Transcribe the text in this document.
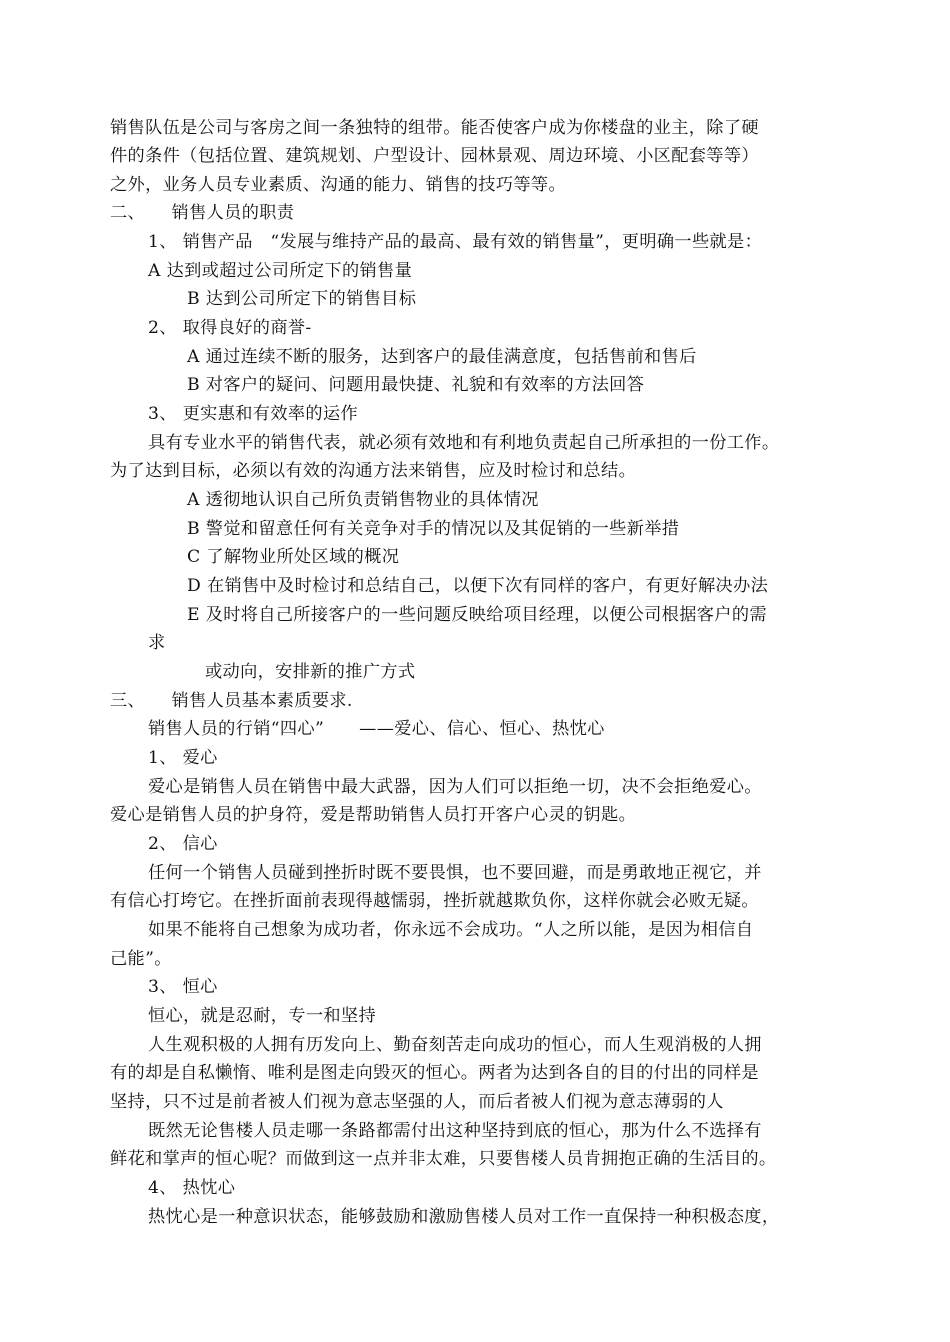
销售队伍是公司与客房之间一条独特的组带。能否使客户成为你楼盘的业主，除了硬
件的条件（包括位置、建筑规划、户型设计、园林景观、周边环境、小区配套等等）
之外，业务人员专业素质、沟通的能力、销售的技巧等等。
二、　　销售人员的职责
1、 销售产品　“发展与维持产品的最高、最有效的销售量”，更明确一些就是：
A 达到或超过公司所定下的销售量
B 达到公司所定下的销售目标
2、 取得良好的商誉-
A 通过连续不断的服务，达到客户的最佳满意度，包括售前和售后
B 对客户的疑问、问题用最快捷、礼貌和有效率的方法回答
3、 更实惠和有效率的运作
具有专业水平的销售代表，就必须有效地和有利地负责起自己所承担的一份工作。
为了达到目标，必须以有效的沟通方法来销售，应及时检讨和总结。
A 透彻地认识自己所负责销售物业的具体情况
B 警觉和留意任何有关竞争对手的情况以及其促销的一些新举措
C 了解物业所处区域的概况
D 在销售中及时检讨和总结自己，以便下次有同样的客户，有更好解决办法
E 及时将自己所接客户的一些问题反映给项目经理，以便公司根据客户的需
求
或动向，安排新的推广方式
三、　　销售人员基本素质要求.
销售人员的行销“四心”　　——爱心、信心、恒心、热忱心
1、 爱心
爱心是销售人员在销售中最大武器，因为人们可以拒绝一切，决不会拒绝爱心。
爱心是销售人员的护身符，爱是帮助销售人员打开客户心灵的钥匙。
2、 信心
任何一个销售人员碰到挫折时既不要畏惧，也不要回避，而是勇敢地正视它，并
有信心打垮它。在挫折面前表现得越懦弱，挫折就越欺负你，这样你就会必败无疑。
如果不能将自己想象为成功者，你永远不会成功。“人之所以能，是因为相信自
己能”。
3、 恒心
恒心，就是忍耐，专一和坚持
人生观积极的人拥有历发向上、勤奋刻苦走向成功的恒心，而人生观消极的人拥
有的却是自私懒惰、唯利是图走向毁灭的恒心。两者为达到各自的目的付出的同样是
坚持，只不过是前者被人们视为意志坚强的人，而后者被人们视为意志薄弱的人
既然无论售楼人员走哪一条路都需付出这种坚持到底的恒心，那为什么不选择有
鲜花和掌声的恒心呢？而做到这一点并非太难，只要售楼人员肯拥抱正确的生活目的。
4、 热忱心
热忱心是一种意识状态，能够鼓励和激励售楼人员对工作一直保持一种积极态度，
